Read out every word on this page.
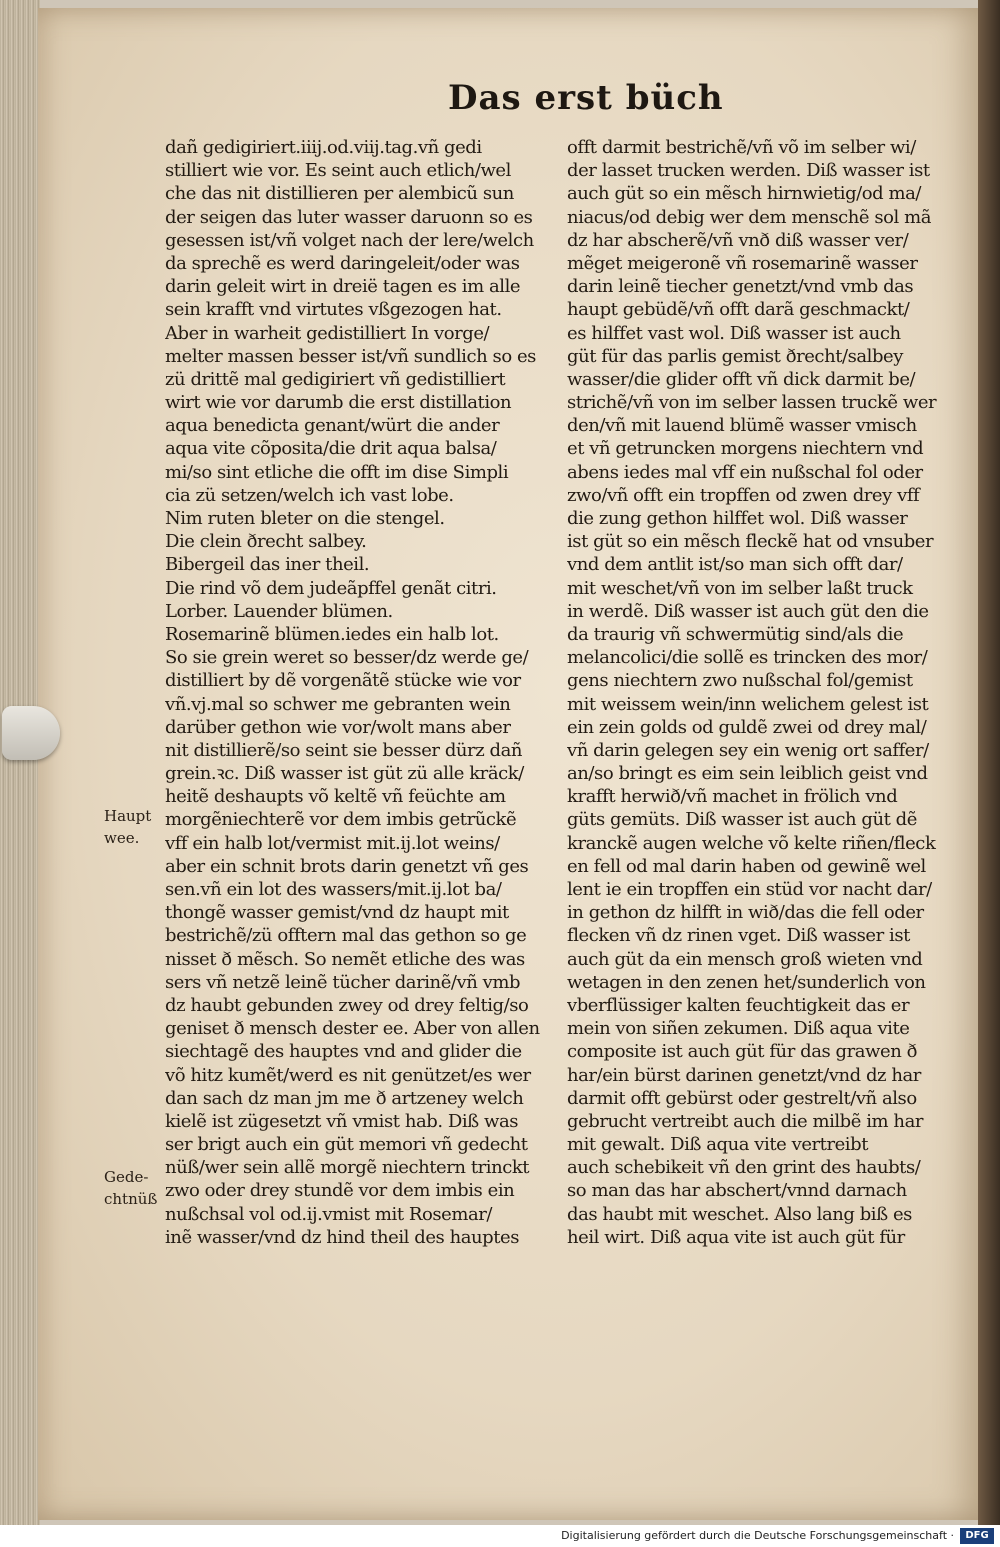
Das erst büch
dañ gedigiriert.iiij.od.viij.tag.vñ gedi
stilliert wie vor. Es seint auch etlich/wel
che das nit distillieren per alembicũ sun
der seigen das luter wasser daruonn so es
gesessen ist/vñ volget nach der lere/welch
da sprechẽ es werd daringeleit/oder was
darin geleit wirt in dreië tagen es im alle
sein krafft vnd virtutes vßgezogen hat.
Aber in warheit gedistilliert In vorge/
melter massen besser ist/vñ sundlich so es
zü drittẽ mal gedigiriert vñ gedistilliert
wirt wie vor darumb die erst distillation
aqua benedicta genant/würt die ander
aqua vite cõposita/die drit aqua balsa/
mi/so sint etliche die offt im dise Simpli
cia zü setzen/welch ich vast lobe.
Nim ruten bleter on die stengel.
Die clein ðrecht salbey.
Bibergeil das iner theil.
Die rind võ dem judeãpffel genãt citri.
Lorber. Lauender blümen.
Rosemarinẽ blümen.iedes ein halb lot.
So sie grein weret so besser/dz werde ge/
distilliert by dẽ vorgenãtẽ stücke wie vor
vñ.vj.mal so schwer me gebranten wein
darüber gethon wie vor/wolt mans aber
nit distillierẽ/so seint sie besser dürz dañ
grein.ꝛc. Diß wasser ist güt zü alle kräck/
heitẽ deshaupts võ keltẽ vñ feüchte am
morgẽniechterẽ vor dem imbis getrũckẽ
vff ein halb lot/vermist mit.ij.lot weins/
aber ein schnit brots darin genetzt vñ ges
sen.vñ ein lot des wassers/mit.ij.lot ba/
thongẽ wasser gemist/vnd dz haupt mit
bestrichẽ/zü offtern mal das gethon so ge
nisset ð mẽsch. So nemẽt etliche des was
sers vñ netzẽ leinẽ tücher darinẽ/vñ vmb
dz haubt gebunden zwey od drey feltig/so
geniset ð mensch dester ee. Aber von allen
siechtagẽ des hauptes vnd and glider die
võ hitz kumẽt/werd es nit genützet/es wer
dan sach dz man jm me ð artzeney welch
kielẽ ist zügesetzt vñ vmist hab. Diß was
ser brigt auch ein güt memori vñ gedecht
nüß/wer sein allẽ morgẽ niechtern trinckt
zwo oder drey stundẽ vor dem imbis ein
nußchsal vol od.ij.vmist mit Rosemar/
inẽ wasser/vnd dz hind theil des hauptes
offt darmit bestrichẽ/vñ võ im selber wi/
der lasset trucken werden. Diß wasser ist
auch güt so ein mẽsch hirnwietig/od ma/
niacus/od debig wer dem menschẽ sol mã
dz har abscherẽ/vñ vnð diß wasser ver/
mẽget meigeronẽ vñ rosemarinẽ wasser
darin leinẽ tiecher genetzt/vnd vmb das
haupt gebüdẽ/vñ offt darã geschmackt/
es hilffet vast wol. Diß wasser ist auch
güt für das parlis gemist ðrecht/salbey
wasser/die glider offt vñ dick darmit be/
strichẽ/vñ von im selber lassen truckẽ wer
den/vñ mit lauend blümẽ wasser vmisch
et vñ getruncken morgens niechtern vnd
abens iedes mal vff ein nußschal fol oder
zwo/vñ offt ein tropffen od zwen drey vff
die zung gethon hilffet wol. Diß wasser
ist güt so ein mẽsch fleckẽ hat od vnsuber
vnd dem antlit ist/so man sich offt dar/
mit weschet/vñ von im selber laßt truck
in werdẽ. Diß wasser ist auch güt den die
da traurig vñ schwermütig sind/als die
melancolici/die sollẽ es trincken des mor/
gens niechtern zwo nußschal fol/gemist
mit weissem wein/inn welichem gelest ist
ein zein golds od guldẽ zwei od drey mal/
vñ darin gelegen sey ein wenig ort saffer/
an/so bringt es eim sein leiblich geist vnd
krafft herwið/vñ machet in frölich vnd
güts gemüts. Diß wasser ist auch güt dẽ
kranckẽ augen welche võ kelte riñen/fleck
en fell od mal darin haben od gewinẽ wel
lent ie ein tropffen ein stüd vor nacht dar/
in gethon dz hilfft in wið/das die fell oder
flecken vñ dz rinen vget. Diß wasser ist
auch güt da ein mensch groß wieten vnd
wetagen in den zenen het/sunderlich von
vberflüssiger kalten feuchtigkeit das er
mein von siñen zekumen. Diß aqua vite
composite ist auch güt für das grawen ð
har/ein bürst darinen genetzt/vnd dz har
darmit offt gebürst oder gestrelt/vñ also
gebrucht vertreibt auch die milbẽ im har
mit gewalt. Diß aqua vite vertreibt
auch schebikeit vñ den grint des haubts/
so man das har abschert/vnnd darnach
das haubt mit weschet. Also lang biß es
heil wirt. Diß aqua vite ist auch güt für
Haupt
wee.
Gede-
chtnüß
Digitalisierung gefördert durch die Deutsche Forschungsgemeinschaft ·	DFG
